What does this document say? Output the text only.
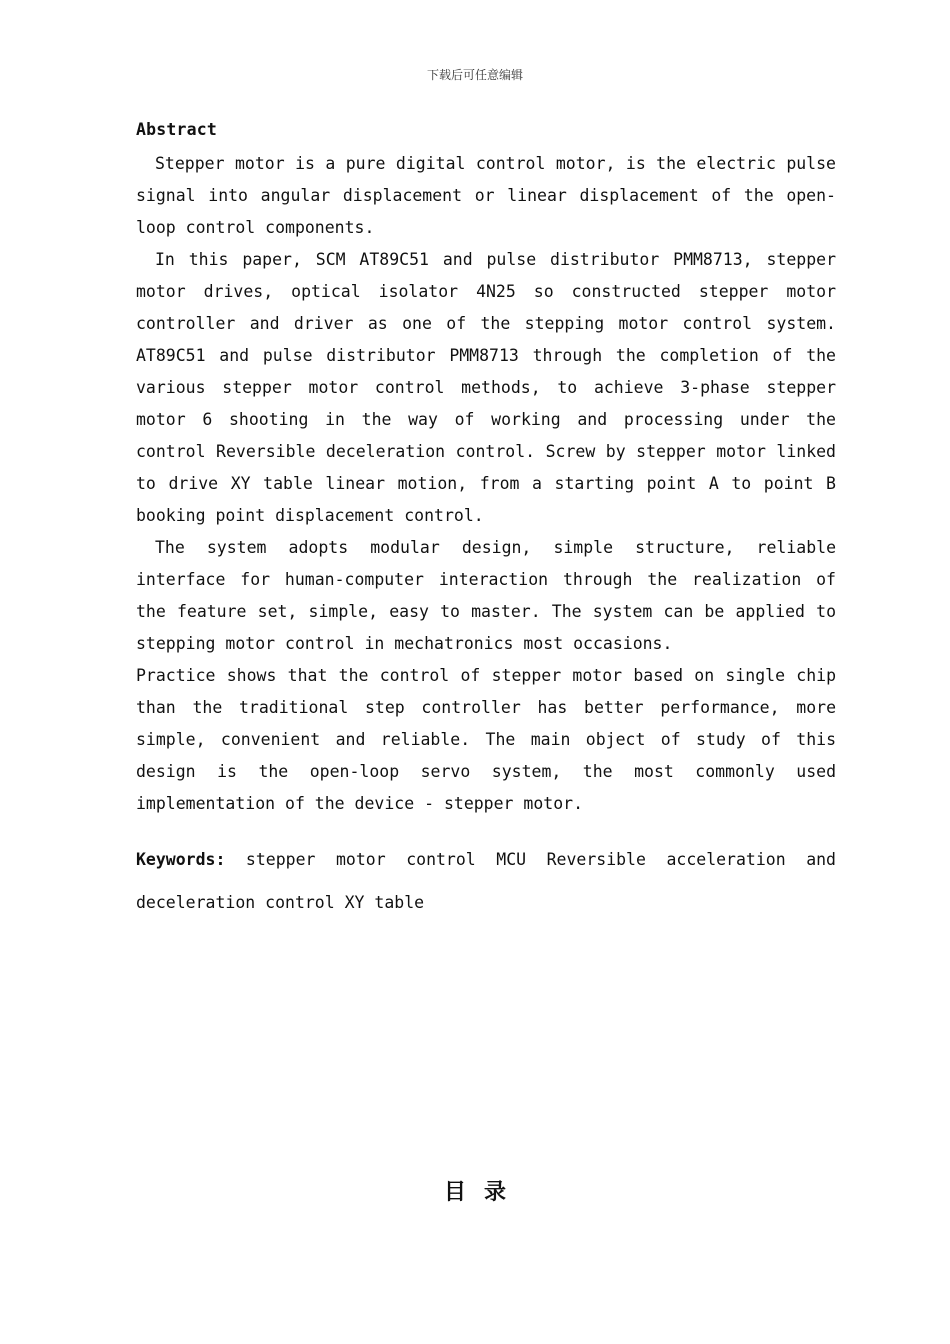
下载后可任意编辑
Abstract

Stepper motor is a pure digital control motor, is the electric pulse signal into angular displacement or linear displacement of the open-loop control components.

In this paper, SCM AT89C51 and pulse distributor PMM8713, stepper motor drives, optical isolator 4N25 so constructed stepper motor controller and driver as one of the stepping motor control system. AT89C51 and pulse distributor PMM8713 through the completion of the various stepper motor control methods, to achieve 3-phase stepper motor 6 shooting in the way of working and processing under the control Reversible deceleration control. Screw by stepper motor linked to drive XY table linear motion, from a starting point A to point B booking point displacement control.

The system adopts modular design, simple structure, reliable interface for human-computer interaction through the realization of the feature set, simple, easy to master. The system can be applied to stepping motor control in mechatronics most occasions.

Practice shows that the control of stepper motor based on single chip than the traditional step controller has better performance, more simple, convenient and reliable. The main object of study of this design is the open-loop servo system, the most commonly used implementation of the device - stepper motor.

Keywords: stepper motor control MCU Reversible acceleration and deceleration control XY table
目录
